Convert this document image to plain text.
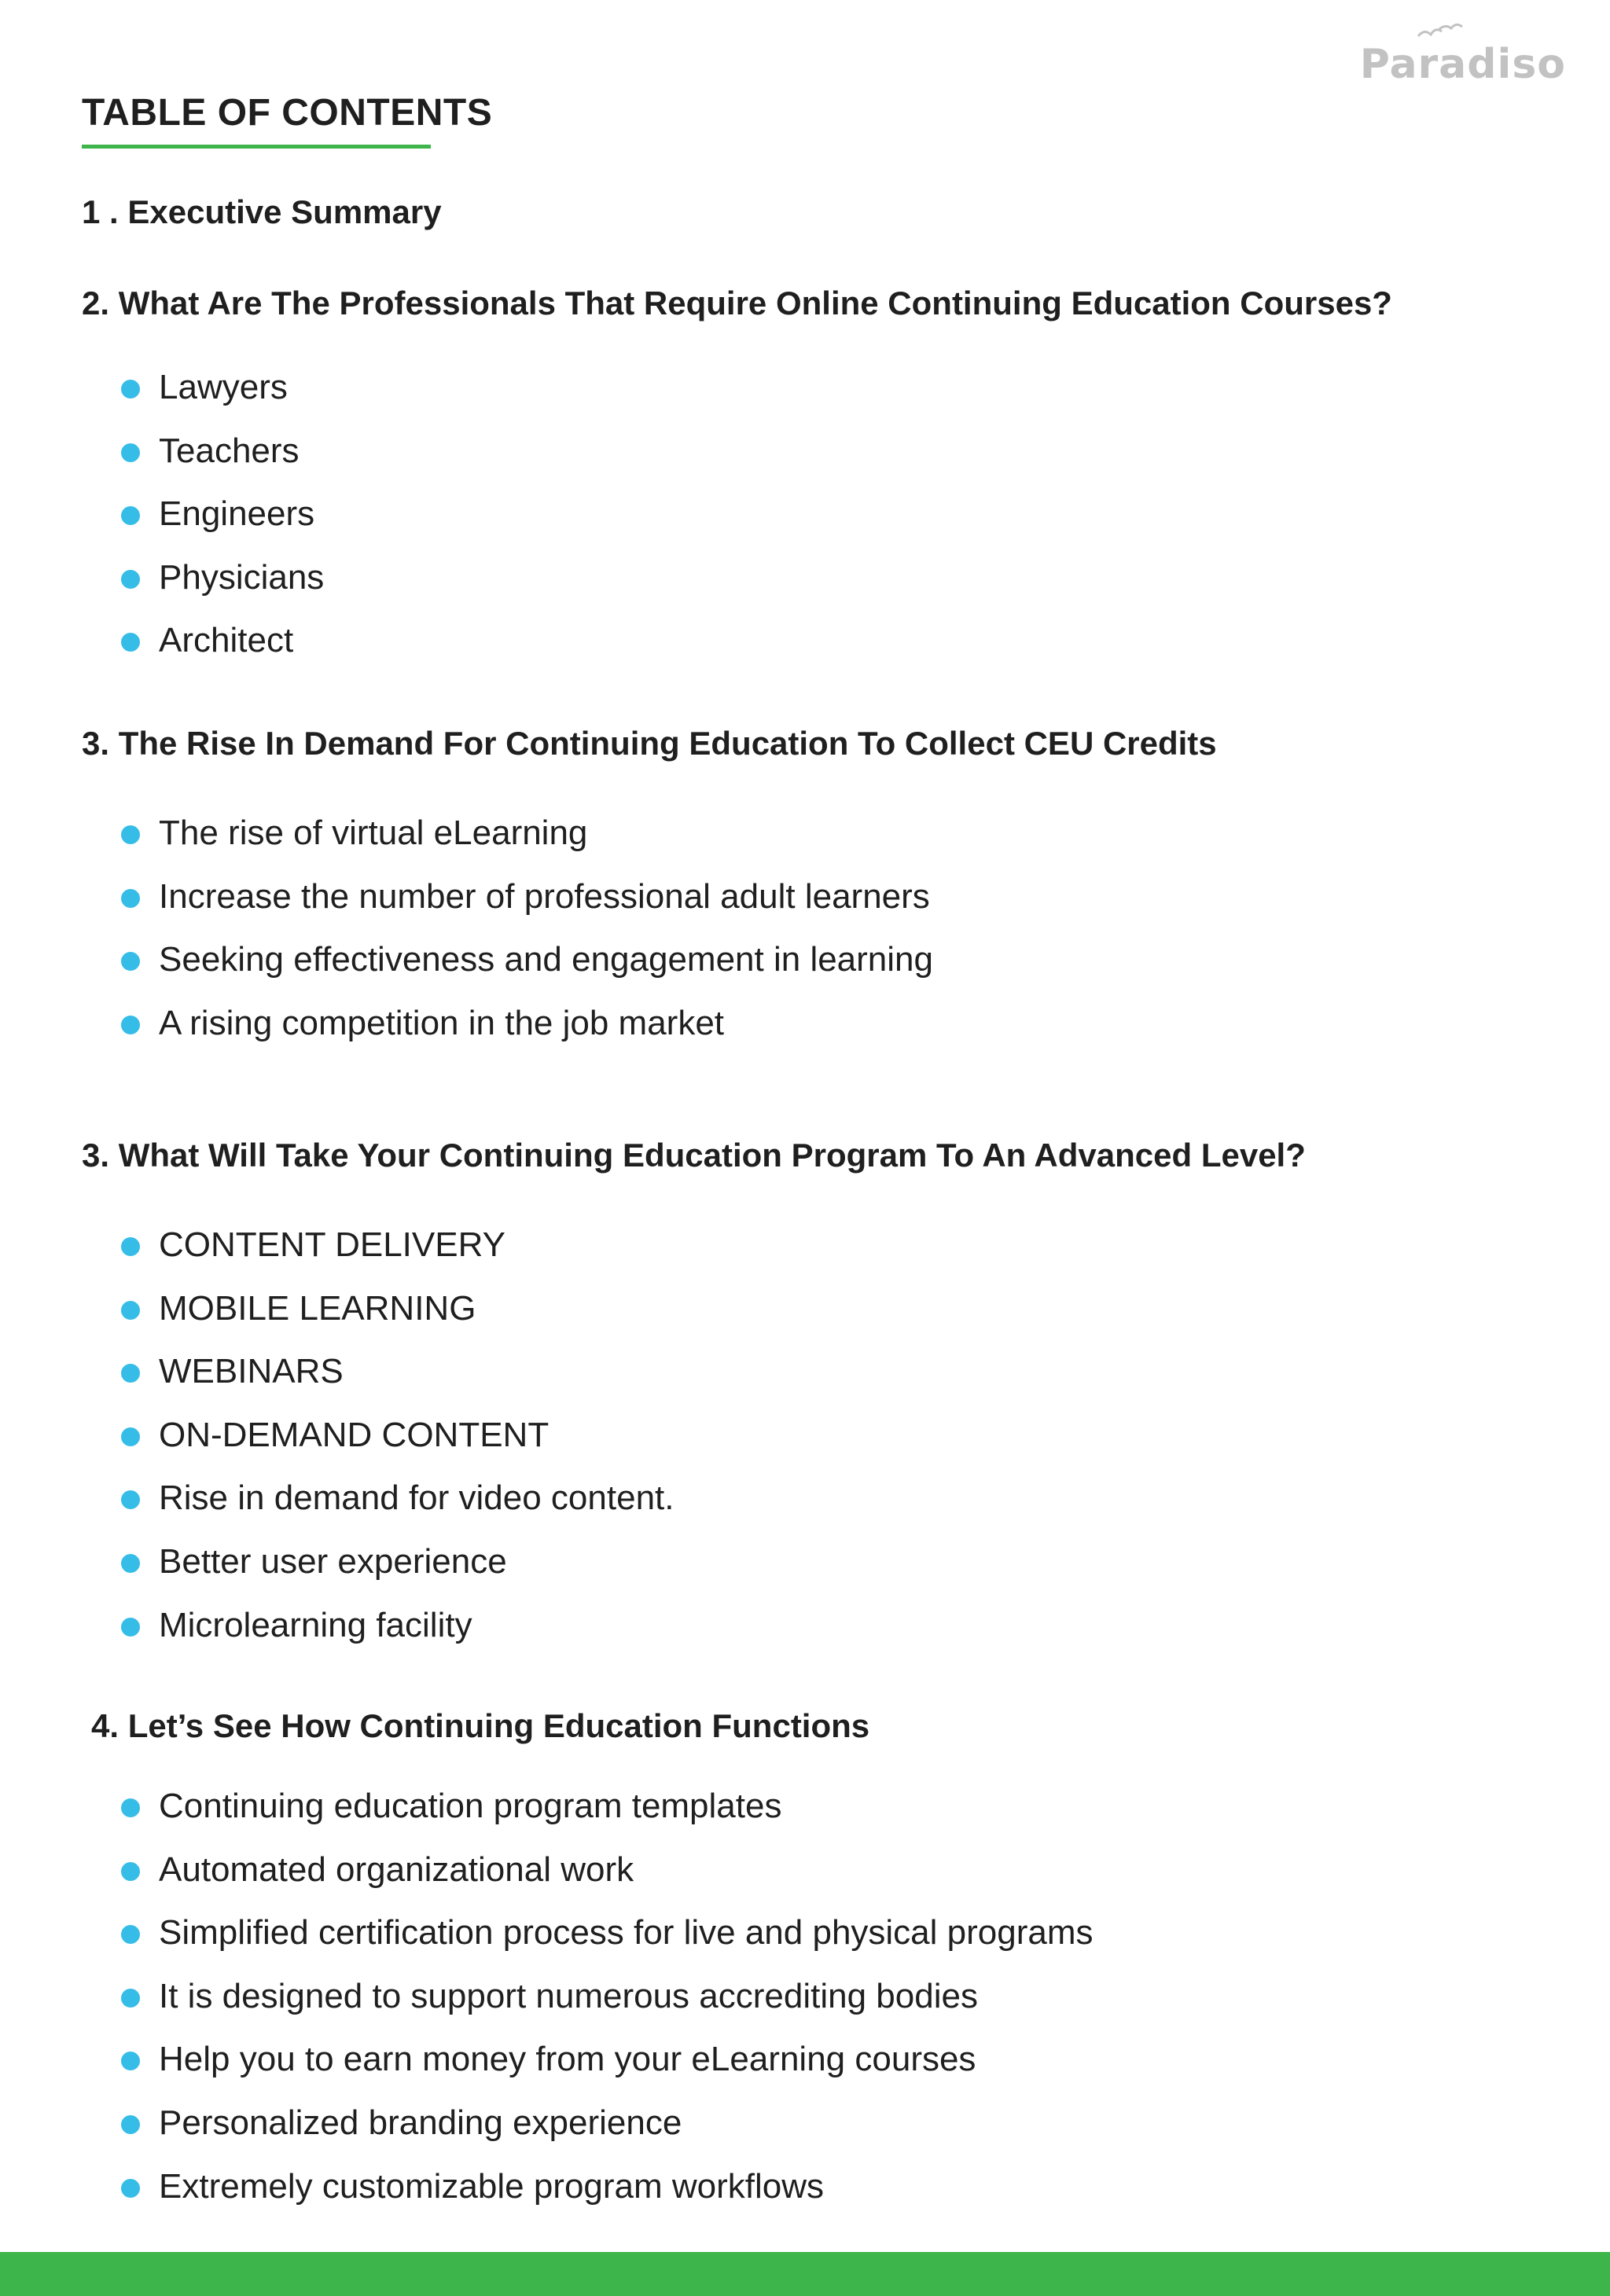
Paradiso
TABLE OF CONTENTS
1 . Executive Summary
2. What Are The Professionals That Require Online Continuing Education Courses?
Lawyers
Teachers
Engineers
Physicians
Architect
3. The Rise In Demand For Continuing Education To Collect CEU Credits
The rise of virtual eLearning
Increase the number of professional adult learners
Seeking effectiveness and engagement in learning
A rising competition in the job market
3. What Will Take Your Continuing Education Program To An Advanced Level?
CONTENT DELIVERY
MOBILE LEARNING
WEBINARS
ON-DEMAND CONTENT
Rise in demand for video content.
Better user experience
Microlearning facility
4. Let’s See How Continuing Education Functions
Continuing education program templates
Automated organizational work
Simplified certification process for live and physical programs
It is designed to support numerous accrediting bodies
Help you to earn money from your eLearning courses
Personalized branding experience
Extremely customizable program workflows
